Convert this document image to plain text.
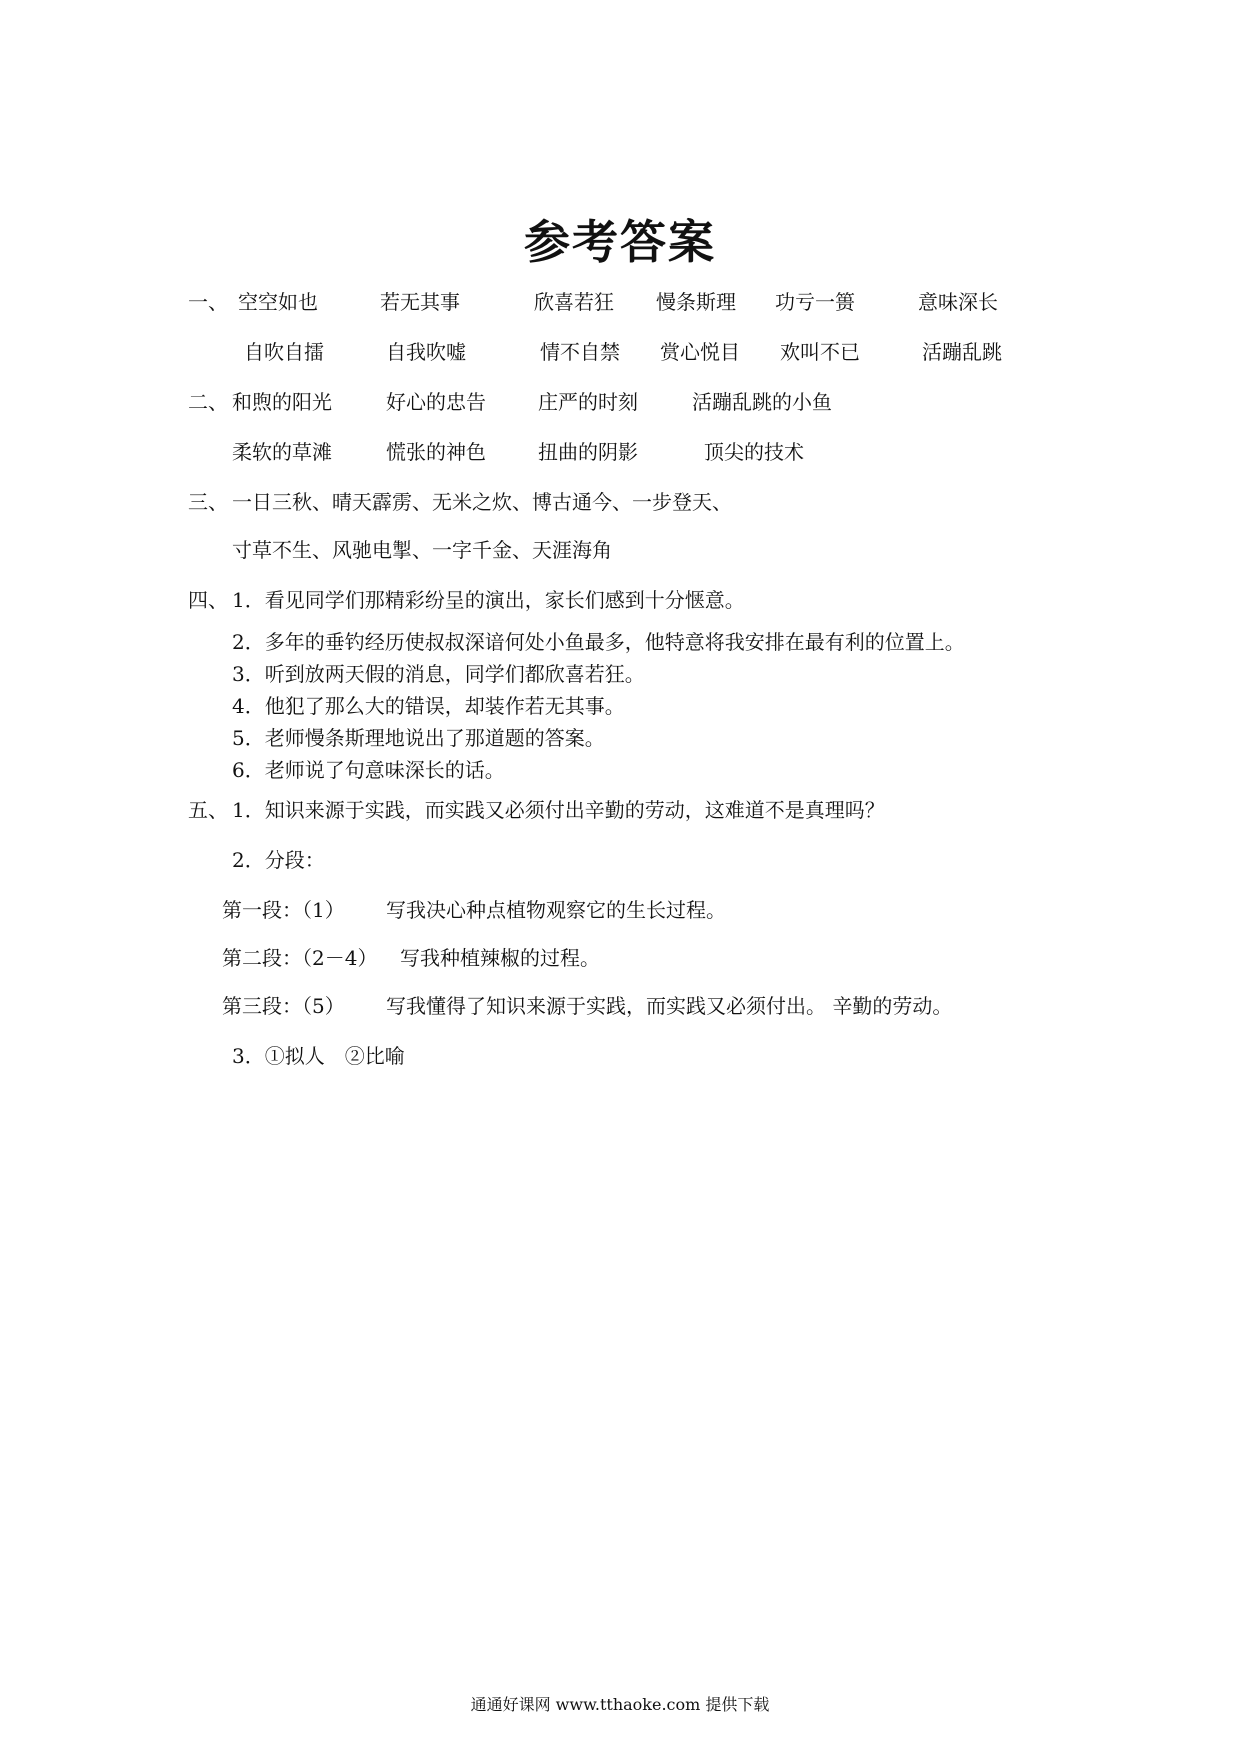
参考答案
一、 空空如也	若无其事	欣喜若狂 慢条斯理 功亏一篑	意味深长
自吹自擂	自我吹嘘	情不自禁 赏心悦目 欢叫不已	活蹦乱跳
二、 和煦的阳光	好心的忠告	庄严的时刻	活蹦乱跳的小鱼
柔软的草滩	慌张的神色	扭曲的阴影	顶尖的技术
三、 一日三秋、晴天霹雳、无米之炊、博古通今、一步登天、
寸草不生、风驰电掣、一字千金、天涯海角
四、 1．看见同学们那精彩纷呈的演出，家长们感到十分惬意。
2．多年的垂钓经历使叔叔深谙何处小鱼最多，他特意将我安排在最有利的位置上。
3．听到放两天假的消息，同学们都欣喜若狂。
4．他犯了那么大的错误，却装作若无其事。
5．老师慢条斯理地说出了那道题的答案。
6．老师说了句意味深长的话。
五、 1．知识来源于实践，而实践又必须付出辛勤的劳动，这难道不是真理吗？
2．分段：
第一段：（1） 写我决心种点植物观察它的生长过程。
第二段：（2－4） 写我种植辣椒的过程。
第三段：（5） 写我懂得了知识来源于实践，而实践又必须付出。 辛勤的劳动。
3．①拟人　②比喻
通通好课网 www.tthaoke.com 提供下载
